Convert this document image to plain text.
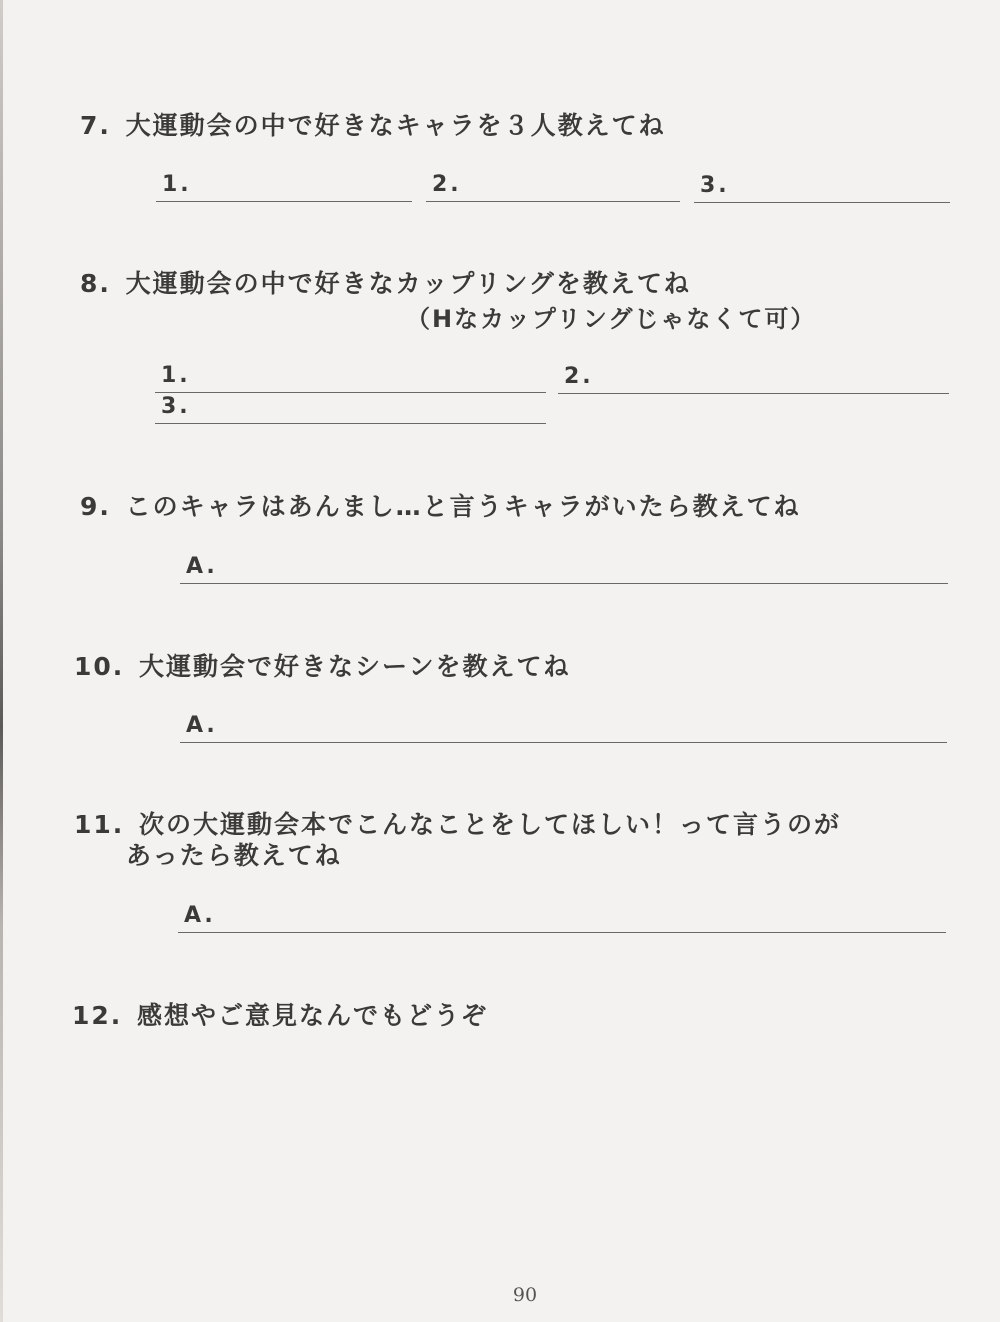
7. 大運動会の中で好きなキャラを３人教えてね
1.	2.	3.
8. 大運動会の中で好きなカップリングを教えてね
（Hなカップリングじゃなくて可）
1.	2.
3.
9. このキャラはあんまし…と言うキャラがいたら教えてね
A.
10. 大運動会で好きなシーンを教えてね
A.
11. 次の大運動会本でこんなことをしてほしい！って言うのが
あったら教えてね
A.
12. 感想やご意見なんでもどうぞ
90
